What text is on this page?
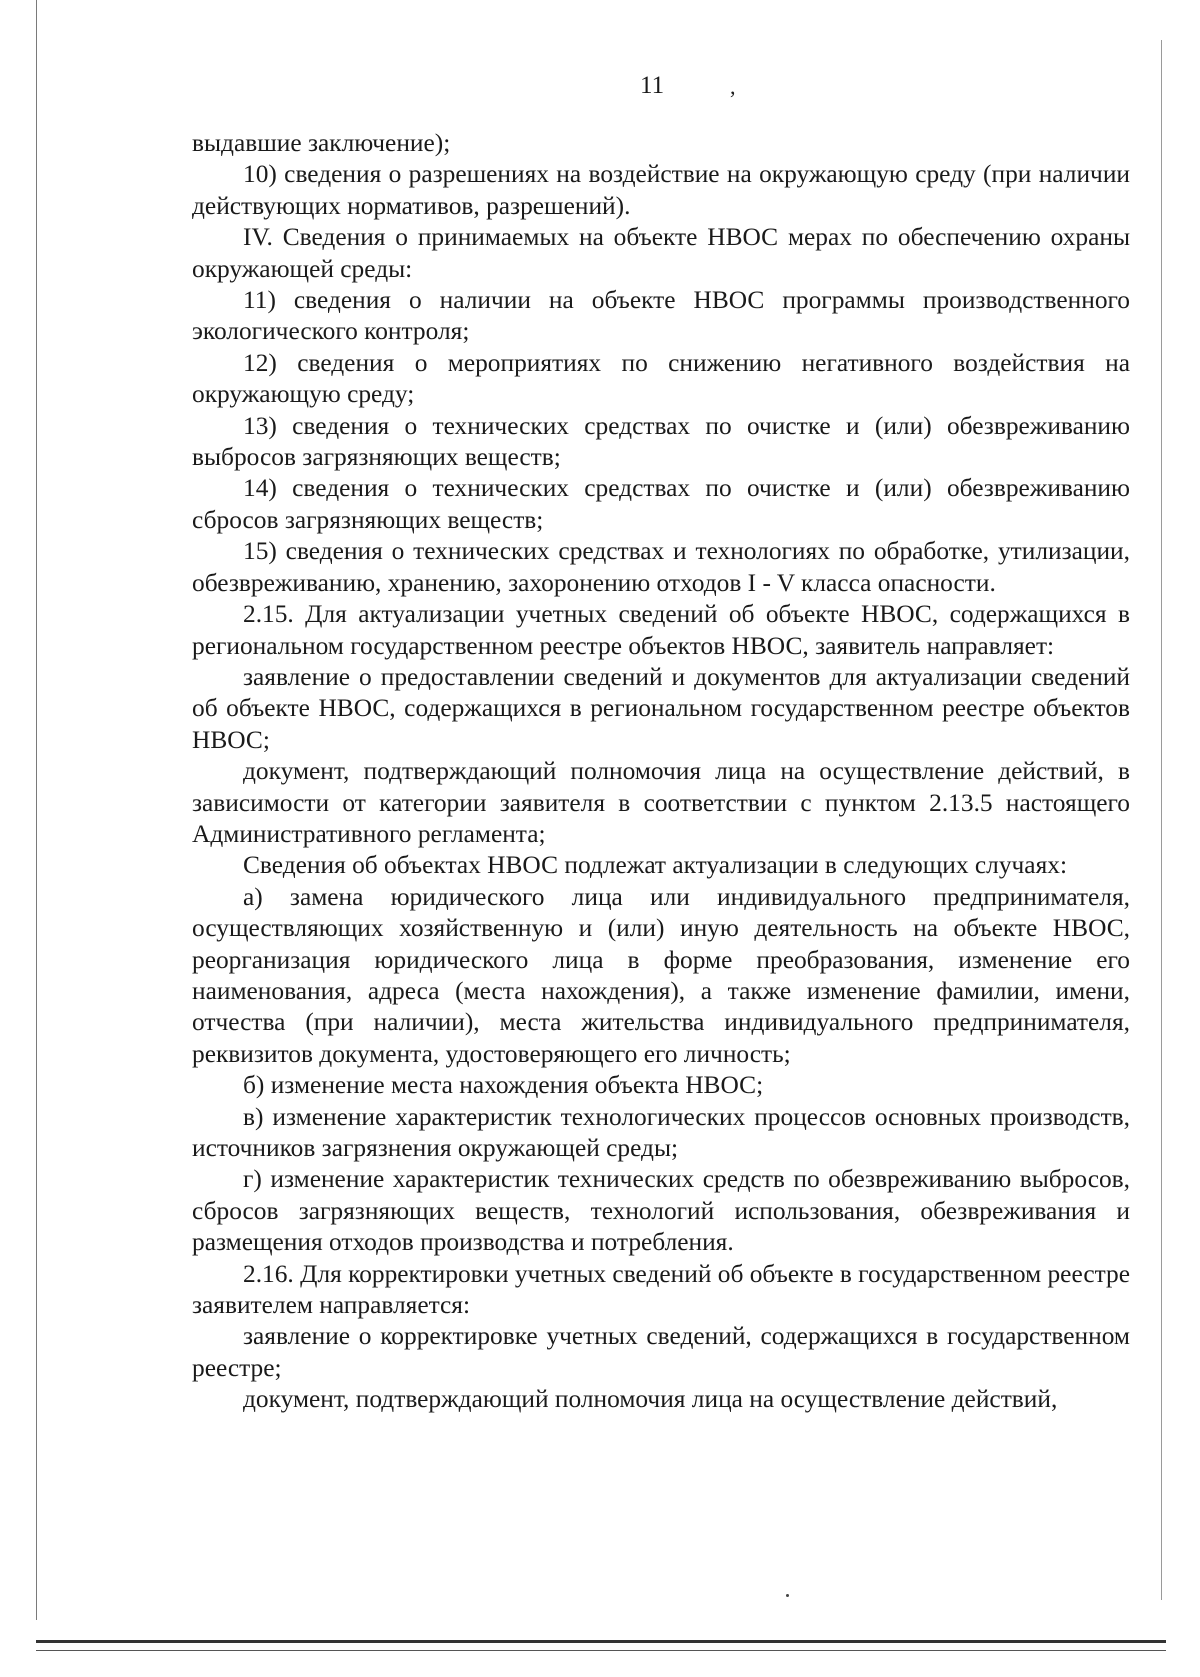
11	,

выдавшие заключение);

10) сведения о разрешениях на воздействие на окружающую среду (при наличии действующих нормативов, разрешений).

IV. Сведения о принимаемых на объекте НВОС мерах по обеспечению охраны окружающей среды:

11) сведения о наличии на объекте НВОС программы производственного экологического контроля;

12) сведения о мероприятиях по снижению негативного воздействия на окружающую среду;

13) сведения о технических средствах по очистке и (или) обезвреживанию выбросов загрязняющих веществ;

14) сведения о технических средствах по очистке и (или) обезвреживанию сбросов загрязняющих веществ;

15) сведения о технических средствах и технологиях по обработке, утилизации, обезвреживанию, хранению, захоронению отходов I - V класса опасности.

2.15. Для актуализации учетных сведений об объекте НВОС, содержащихся в региональном государственном реестре объектов НВОС, заявитель направляет:

заявление о предоставлении сведений и документов для актуализации сведений об объекте НВОС, содержащихся в региональном государственном реестре объектов НВОС;

документ, подтверждающий полномочия лица на осуществление действий, в зависимости от категории заявителя в соответствии с пунктом 2.13.5 настоящего Административного регламента;

Сведения об объектах НВОС подлежат актуализации в следующих случаях:

а) замена юридического лица или индивидуального предпринимателя, осуществляющих хозяйственную и (или) иную деятельность на объекте НВОС, реорганизация юридического лица в форме преобразования, изменение его наименования, адреса (места нахождения), а также изменение фамилии, имени, отчества (при наличии), места жительства индивидуального предпринимателя, реквизитов документа, удостоверяющего его личность;

б) изменение места нахождения объекта НВОС;

в) изменение характеристик технологических процессов основных производств, источников загрязнения окружающей среды;

г) изменение характеристик технических средств по обезвреживанию выбросов, сбросов загрязняющих веществ, технологий использования, обезвреживания и размещения отходов производства и потребления.

2.16. Для корректировки учетных сведений об объекте в государственном реестре заявителем направляется:

заявление о корректировке учетных сведений, содержащихся в государственном реестре;

документ, подтверждающий полномочия лица на осуществление действий,
